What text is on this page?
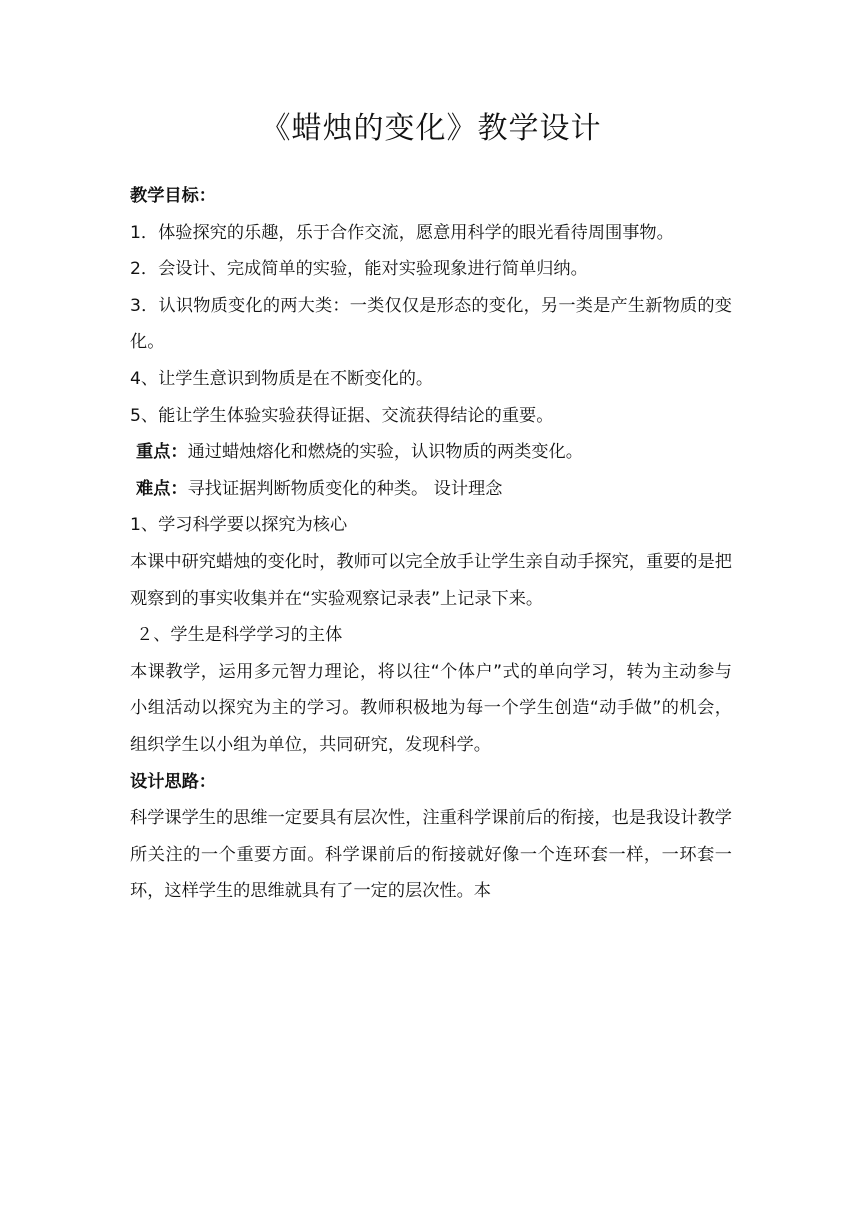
《蜡烛的变化》教学设计

教学目标：

1．体验探究的乐趣，乐于合作交流，愿意用科学的眼光看待周围事物。

2．会设计、完成简单的实验，能对实验现象进行简单归纳。

3．认识物质变化的两大类：一类仅仅是形态的变化，另一类是产生新物质的变化。

4、让学生意识到物质是在不断变化的。

5、能让学生体验实验获得证据、交流获得结论的重要。

重点：通过蜡烛熔化和燃烧的实验，认识物质的两类变化。

难点：寻找证据判断物质变化的种类。 设计理念

1、学习科学要以探究为核心

本课中研究蜡烛的变化时，教师可以完全放手让学生亲自动手探究，重要的是把观察到的事实收集并在“实验观察记录表”上记录下来。

２、学生是科学学习的主体

本课教学，运用多元智力理论，将以往“个体户”式的单向学习，转为主动参与小组活动以探究为主的学习。教师积极地为每一个学生创造“动手做”的机会，组织学生以小组为单位，共同研究，发现科学。

设计思路：

科学课学生的思维一定要具有层次性，注重科学课前后的衔接，也是我设计教学所关注的一个重要方面。科学课前后的衔接就好像一个连环套一样，一环套一环，这样学生的思维就具有了一定的层次性。本
